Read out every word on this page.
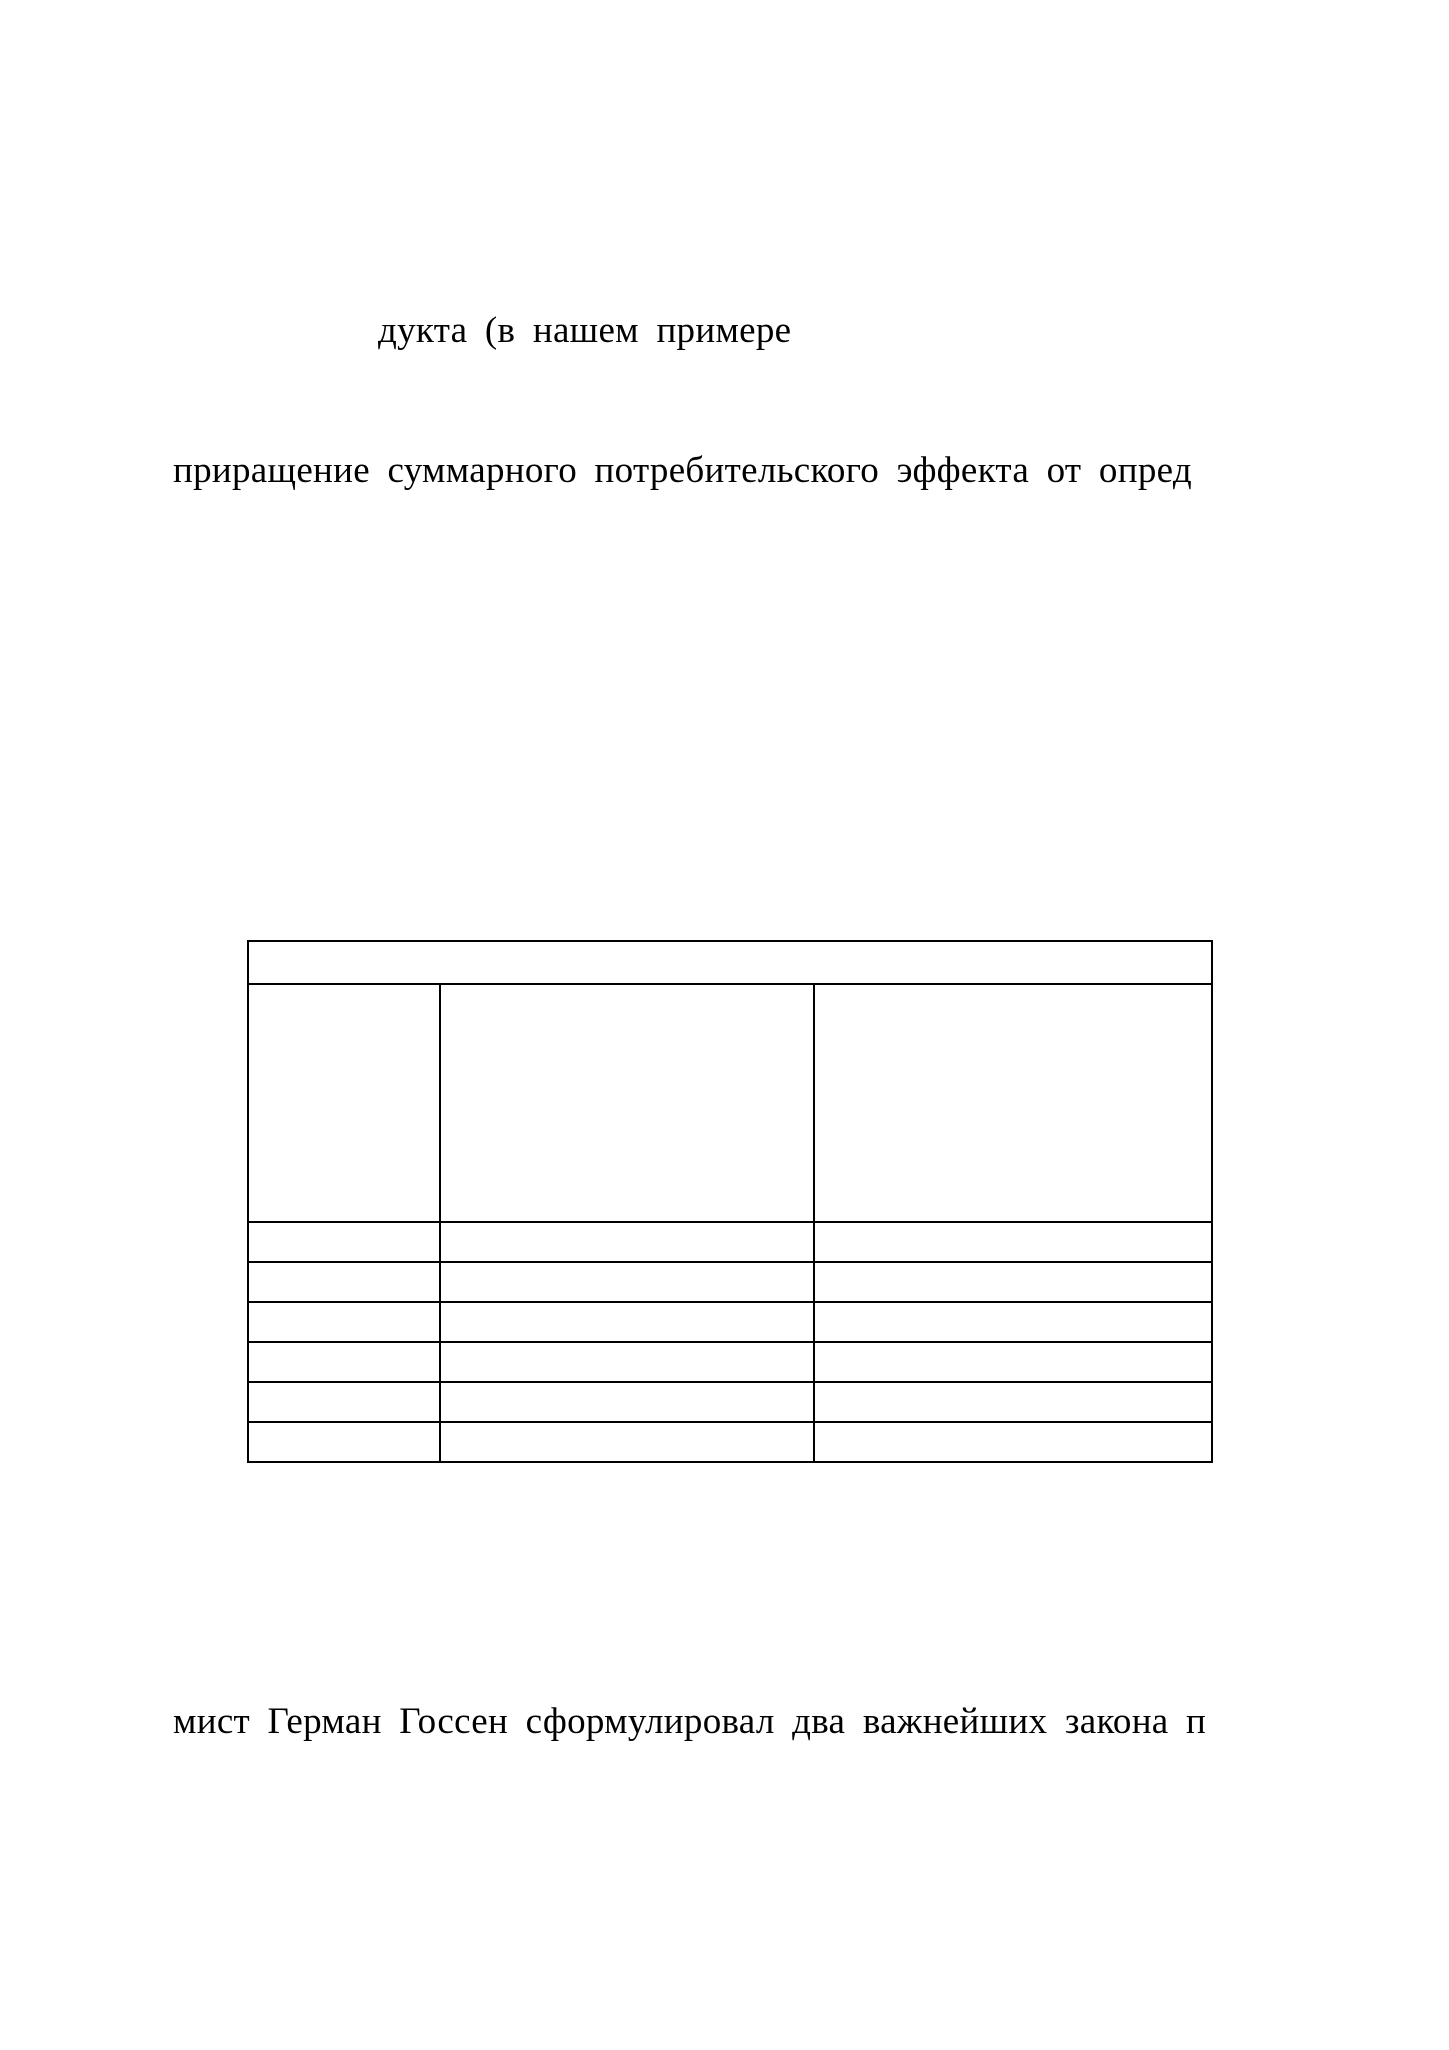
дукта (в нашем примере
приращение суммарного потребительского эффекта от опред

мист Герман Госсен сформулировал два важнейших закона п
